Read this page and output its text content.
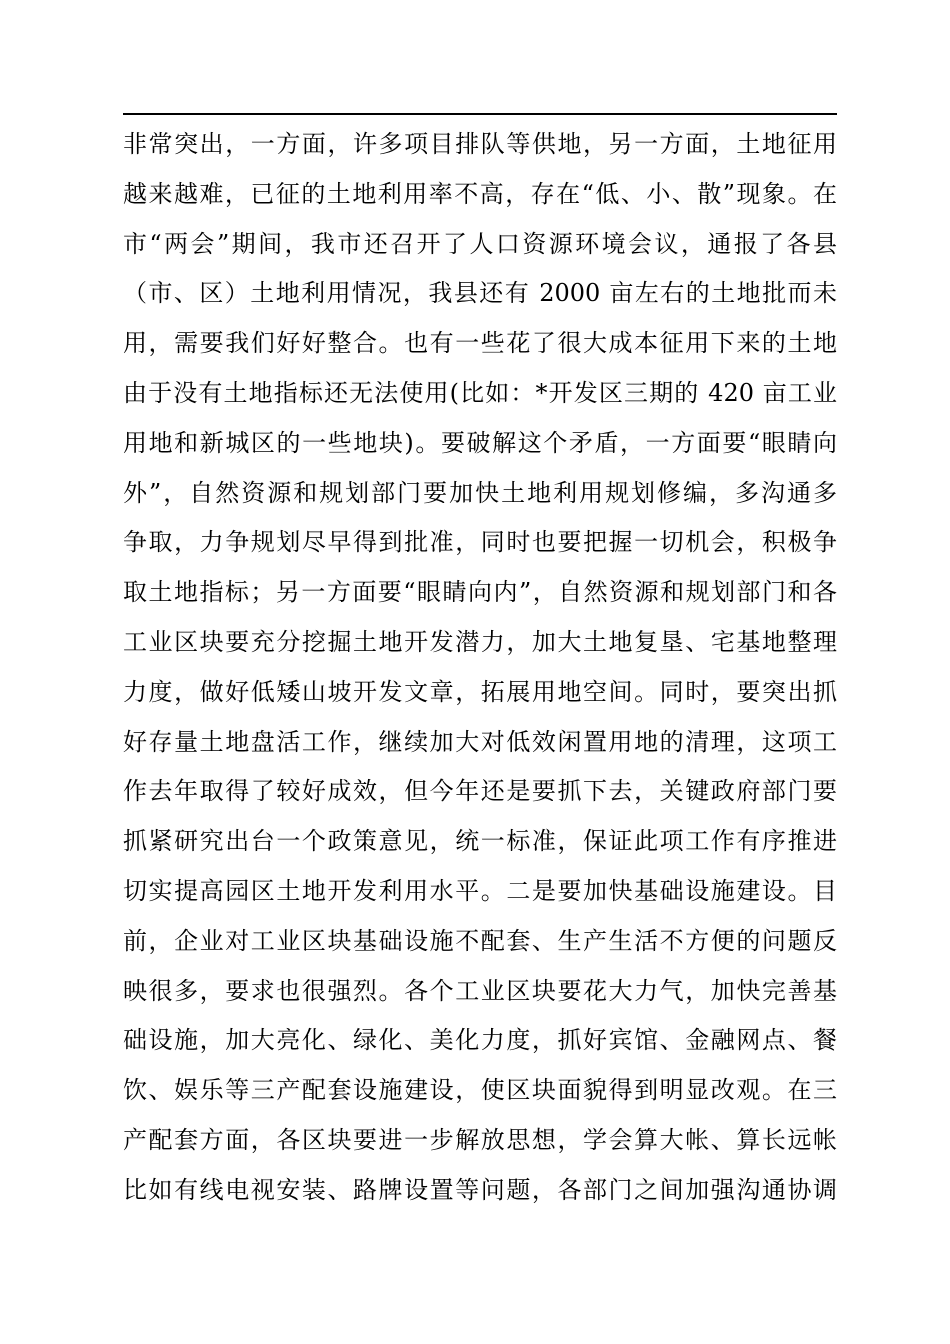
非常突出，一方面，许多项目排队等供地，另一方面，土地征用
越来越难，已征的土地利用率不高，存在“低、小、散”现象。在
市“两会”期间，我市还召开了人口资源环境会议，通报了各县
（市、区）土地利用情况，我县还有 2000 亩左右的土地批而未
用，需要我们好好整合。也有一些花了很大成本征用下来的土地
由于没有土地指标还无法使用(比如：*开发区三期的 420 亩工业
用地和新城区的一些地块)。要破解这个矛盾，一方面要“眼睛向
外”，自然资源和规划部门要加快土地利用规划修编，多沟通多
争取，力争规划尽早得到批准，同时也要把握一切机会，积极争
取土地指标；另一方面要“眼睛向内”，自然资源和规划部门和各
工业区块要充分挖掘土地开发潜力，加大土地复垦、宅基地整理
力度，做好低矮山坡开发文章，拓展用地空间。同时，要突出抓
好存量土地盘活工作，继续加大对低效闲置用地的清理，这项工
作去年取得了较好成效，但今年还是要抓下去，关键政府部门要
抓紧研究出台一个政策意见，统一标准，保证此项工作有序推进
切实提高园区土地开发利用水平。二是要加快基础设施建设。目
前，企业对工业区块基础设施不配套、生产生活不方便的问题反
映很多，要求也很强烈。各个工业区块要花大力气，加快完善基
础设施，加大亮化、绿化、美化力度，抓好宾馆、金融网点、餐
饮、娱乐等三产配套设施建设，使区块面貌得到明显改观。在三
产配套方面，各区块要进一步解放思想，学会算大帐、算长远帐
比如有线电视安装、路牌设置等问题，各部门之间加强沟通协调
